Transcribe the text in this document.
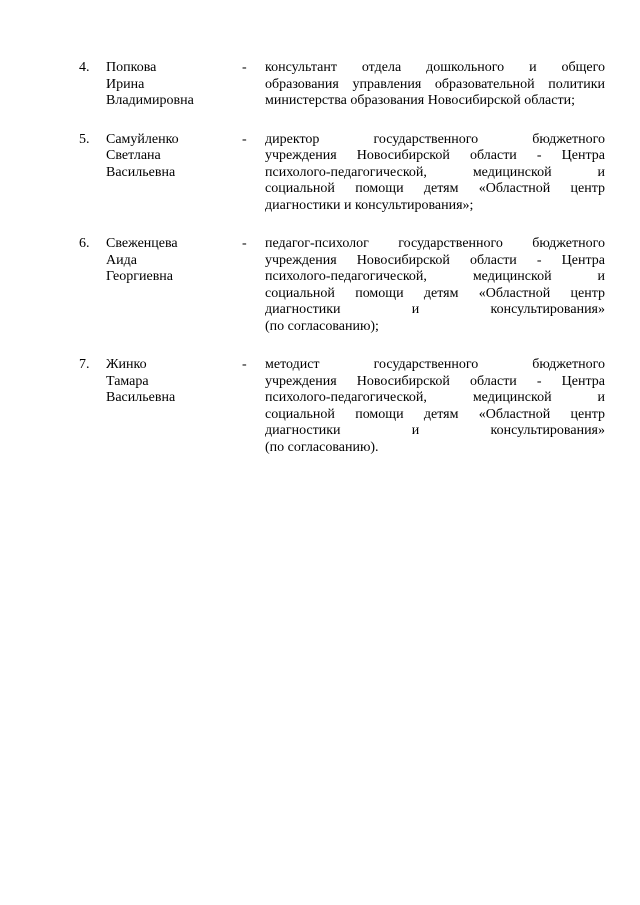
4.	Попкова
Ирина
Владимировна
-	консультант отдела дошкольного и общего
образования управления образовательной политики
министерства образования Новосибирской области;
5.	Самуйленко
Светлана
Васильевна
-	директор государственного бюджетного
учреждения Новосибирской области - Центра
психолого-педагогической, медицинской и
социальной помощи детям «Областной центр
диагностики и консультирования»;
6.	Свеженцева
Аида
Георгиевна
-	педагог-психолог государственного бюджетного
учреждения Новосибирской области - Центра
психолого-педагогической, медицинской и
социальной помощи детям «Областной центр
диагностики и консультирования»
(по согласованию);
7.	Жинко
Тамара
Васильевна
-	методист государственного бюджетного
учреждения Новосибирской области - Центра
психолого-педагогической, медицинской и
социальной помощи детям «Областной центр
диагностики и консультирования»
(по согласованию).
